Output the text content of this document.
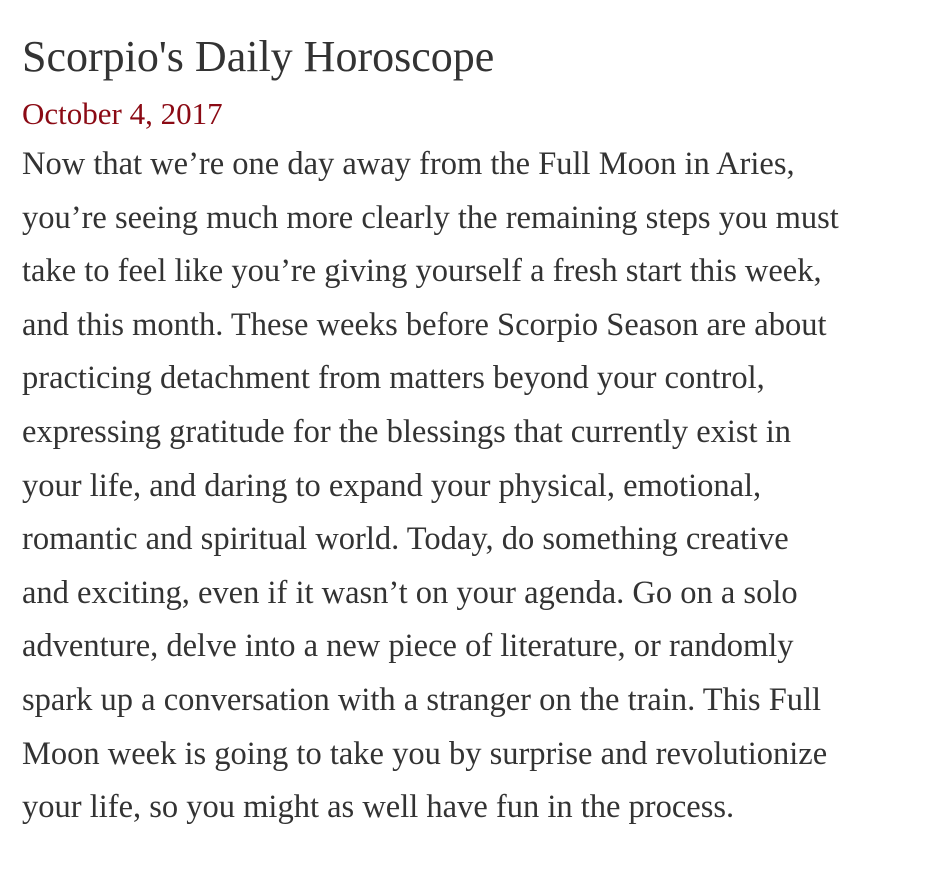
Scorpio's Daily Horoscope
October 4, 2017

Now that we’re one day away from the Full Moon in Aries,
you’re seeing much more clearly the remaining steps you must
take to feel like you’re giving yourself a fresh start this week,
and this month. These weeks before Scorpio Season are about
practicing detachment from matters beyond your control,
expressing gratitude for the blessings that currently exist in
your life, and daring to expand your physical, emotional,
romantic and spiritual world. Today, do something creative
and exciting, even if it wasn’t on your agenda. Go on a solo
adventure, delve into a new piece of literature, or randomly
spark up a conversation with a stranger on the train. This Full
Moon week is going to take you by surprise and revolutionize
your life, so you might as well have fun in the process.
